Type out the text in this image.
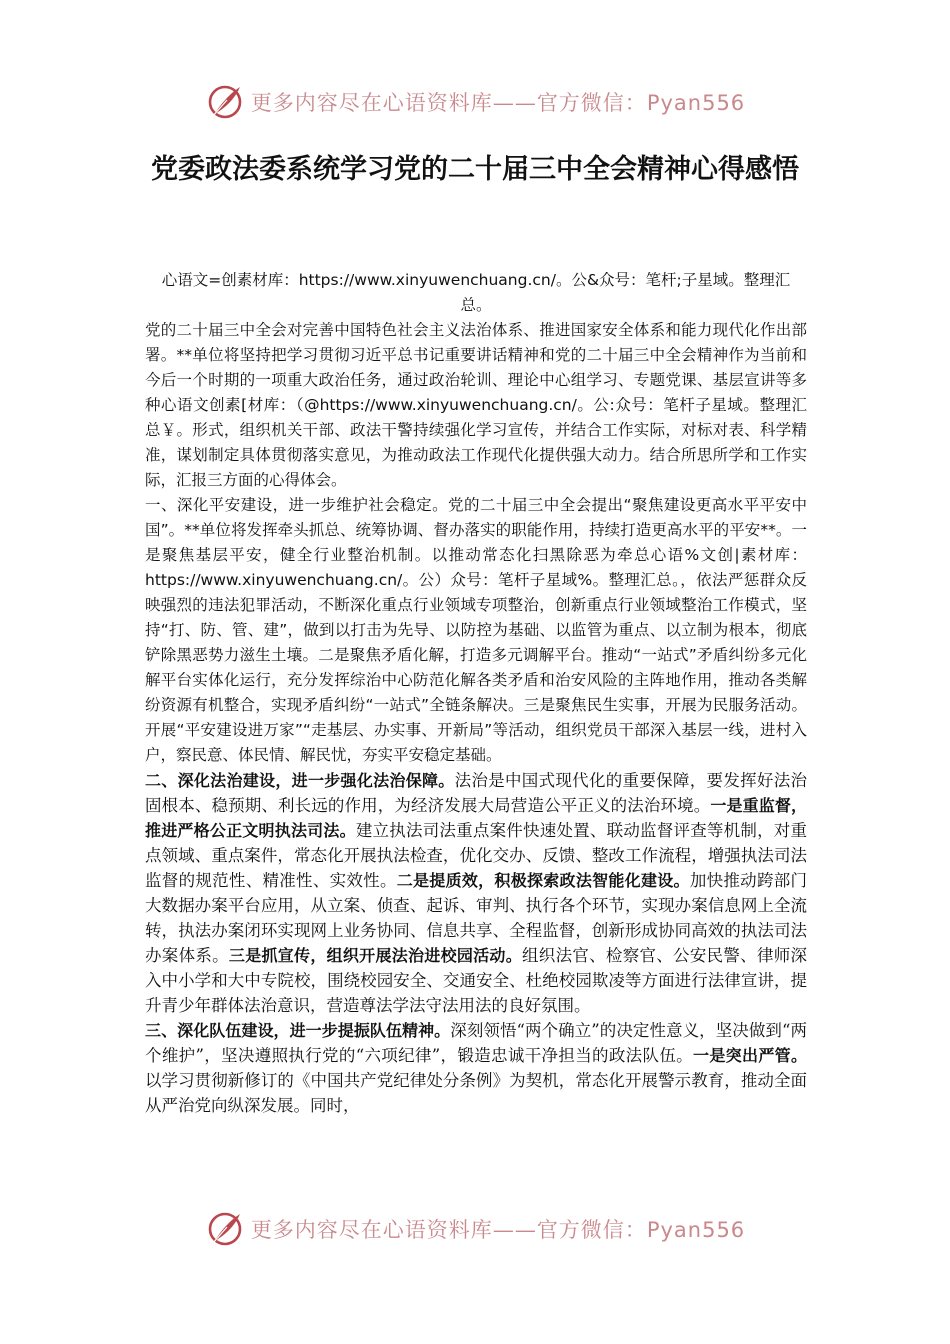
更多内容尽在心语资料库——官方微信：Pyan556
党委政法委系统学习党的二十届三中全会精神心得感悟

心语文=创素材库：https://www.xinyuwenchuang.cn/。公&众号：笔杆;子星域。整理汇总。

党的二十届三中全会对完善中国特色社会主义法治体系、推进国家安全体系和能力现代化作出部署。**单位将坚持把学习贯彻习近平总书记重要讲话精神和党的二十届三中全会精神作为当前和今后一个时期的一项重大政治任务，通过政治轮训、理论中心组学习、专题党课、基层宣讲等多种心语文创素[材库：（@https://www.xinyuwenchuang.cn/。公:众号：笔杆子星域。整理汇总￥。形式，组织机关干部、政法干警持续强化学习宣传，并结合工作实际，对标对表、科学精准，谋划制定具体贯彻落实意见，为推动政法工作现代化提供强大动力。结合所思所学和工作实际，汇报三方面的心得体会。

一、深化平安建设，进一步维护社会稳定。党的二十届三中全会提出“聚焦建设更高水平平安中国”。**单位将发挥牵头抓总、统筹协调、督办落实的职能作用，持续打造更高水平的平安**。一是聚焦基层平安，健全行业整治机制。以推动常态化扫黑除恶为牵总心语%文创|素材库：https://www.xinyuwenchuang.cn/。公）众号：笔杆子星域%。整理汇总。，依法严惩群众反映强烈的违法犯罪活动，不断深化重点行业领域专项整治，创新重点行业领域整治工作模式，坚持“打、防、管、建”，做到以打击为先导、以防控为基础、以监管为重点、以立制为根本，彻底铲除黑恶势力滋生土壤。二是聚焦矛盾化解，打造多元调解平台。推动“一站式”矛盾纠纷多元化解平台实体化运行，充分发挥综治中心防范化解各类矛盾和治安风险的主阵地作用，推动各类解纷资源有机整合，实现矛盾纠纷“一站式”全链条解决。三是聚焦民生实事，开展为民服务活动。开展“平安建设进万家”“走基层、办实事、开新局”等活动，组织党员干部深入基层一线，进村入户，察民意、体民情、解民忧，夯实平安稳定基础。

二、深化法治建设，进一步强化法治保障。法治是中国式现代化的重要保障，要发挥好法治固根本、稳预期、利长远的作用，为经济发展大局营造公平正义的法治环境。一是重监督，推进严格公正文明执法司法。建立执法司法重点案件快速处置、联动监督评查等机制，对重点领域、重点案件，常态化开展执法检查，优化交办、反馈、整改工作流程，增强执法司法监督的规范性、精准性、实效性。二是提质效，积极探索政法智能化建设。加快推动跨部门大数据办案平台应用，从立案、侦查、起诉、审判、执行各个环节，实现办案信息网上全流转，执法办案闭环实现网上业务协同、信息共享、全程监督，创新形成协同高效的执法司法办案体系。三是抓宣传，组织开展法治进校园活动。组织法官、检察官、公安民警、律师深入中小学和大中专院校，围绕校园安全、交通安全、杜绝校园欺凌等方面进行法律宣讲，提升青少年群体法治意识，营造尊法学法守法用法的良好氛围。

三、深化队伍建设，进一步提振队伍精神。深刻领悟“两个确立”的决定性意义，坚决做到“两个维护”，坚决遵照执行党的“六项纪律”，锻造忠诚干净担当的政法队伍。一是突出严管。以学习贯彻新修订的《中国共产党纪律处分条例》为契机，常态化开展警示教育，推动全面从严治党向纵深发展。同时，

更多内容尽在心语资料库——官方微信：Pyan556
